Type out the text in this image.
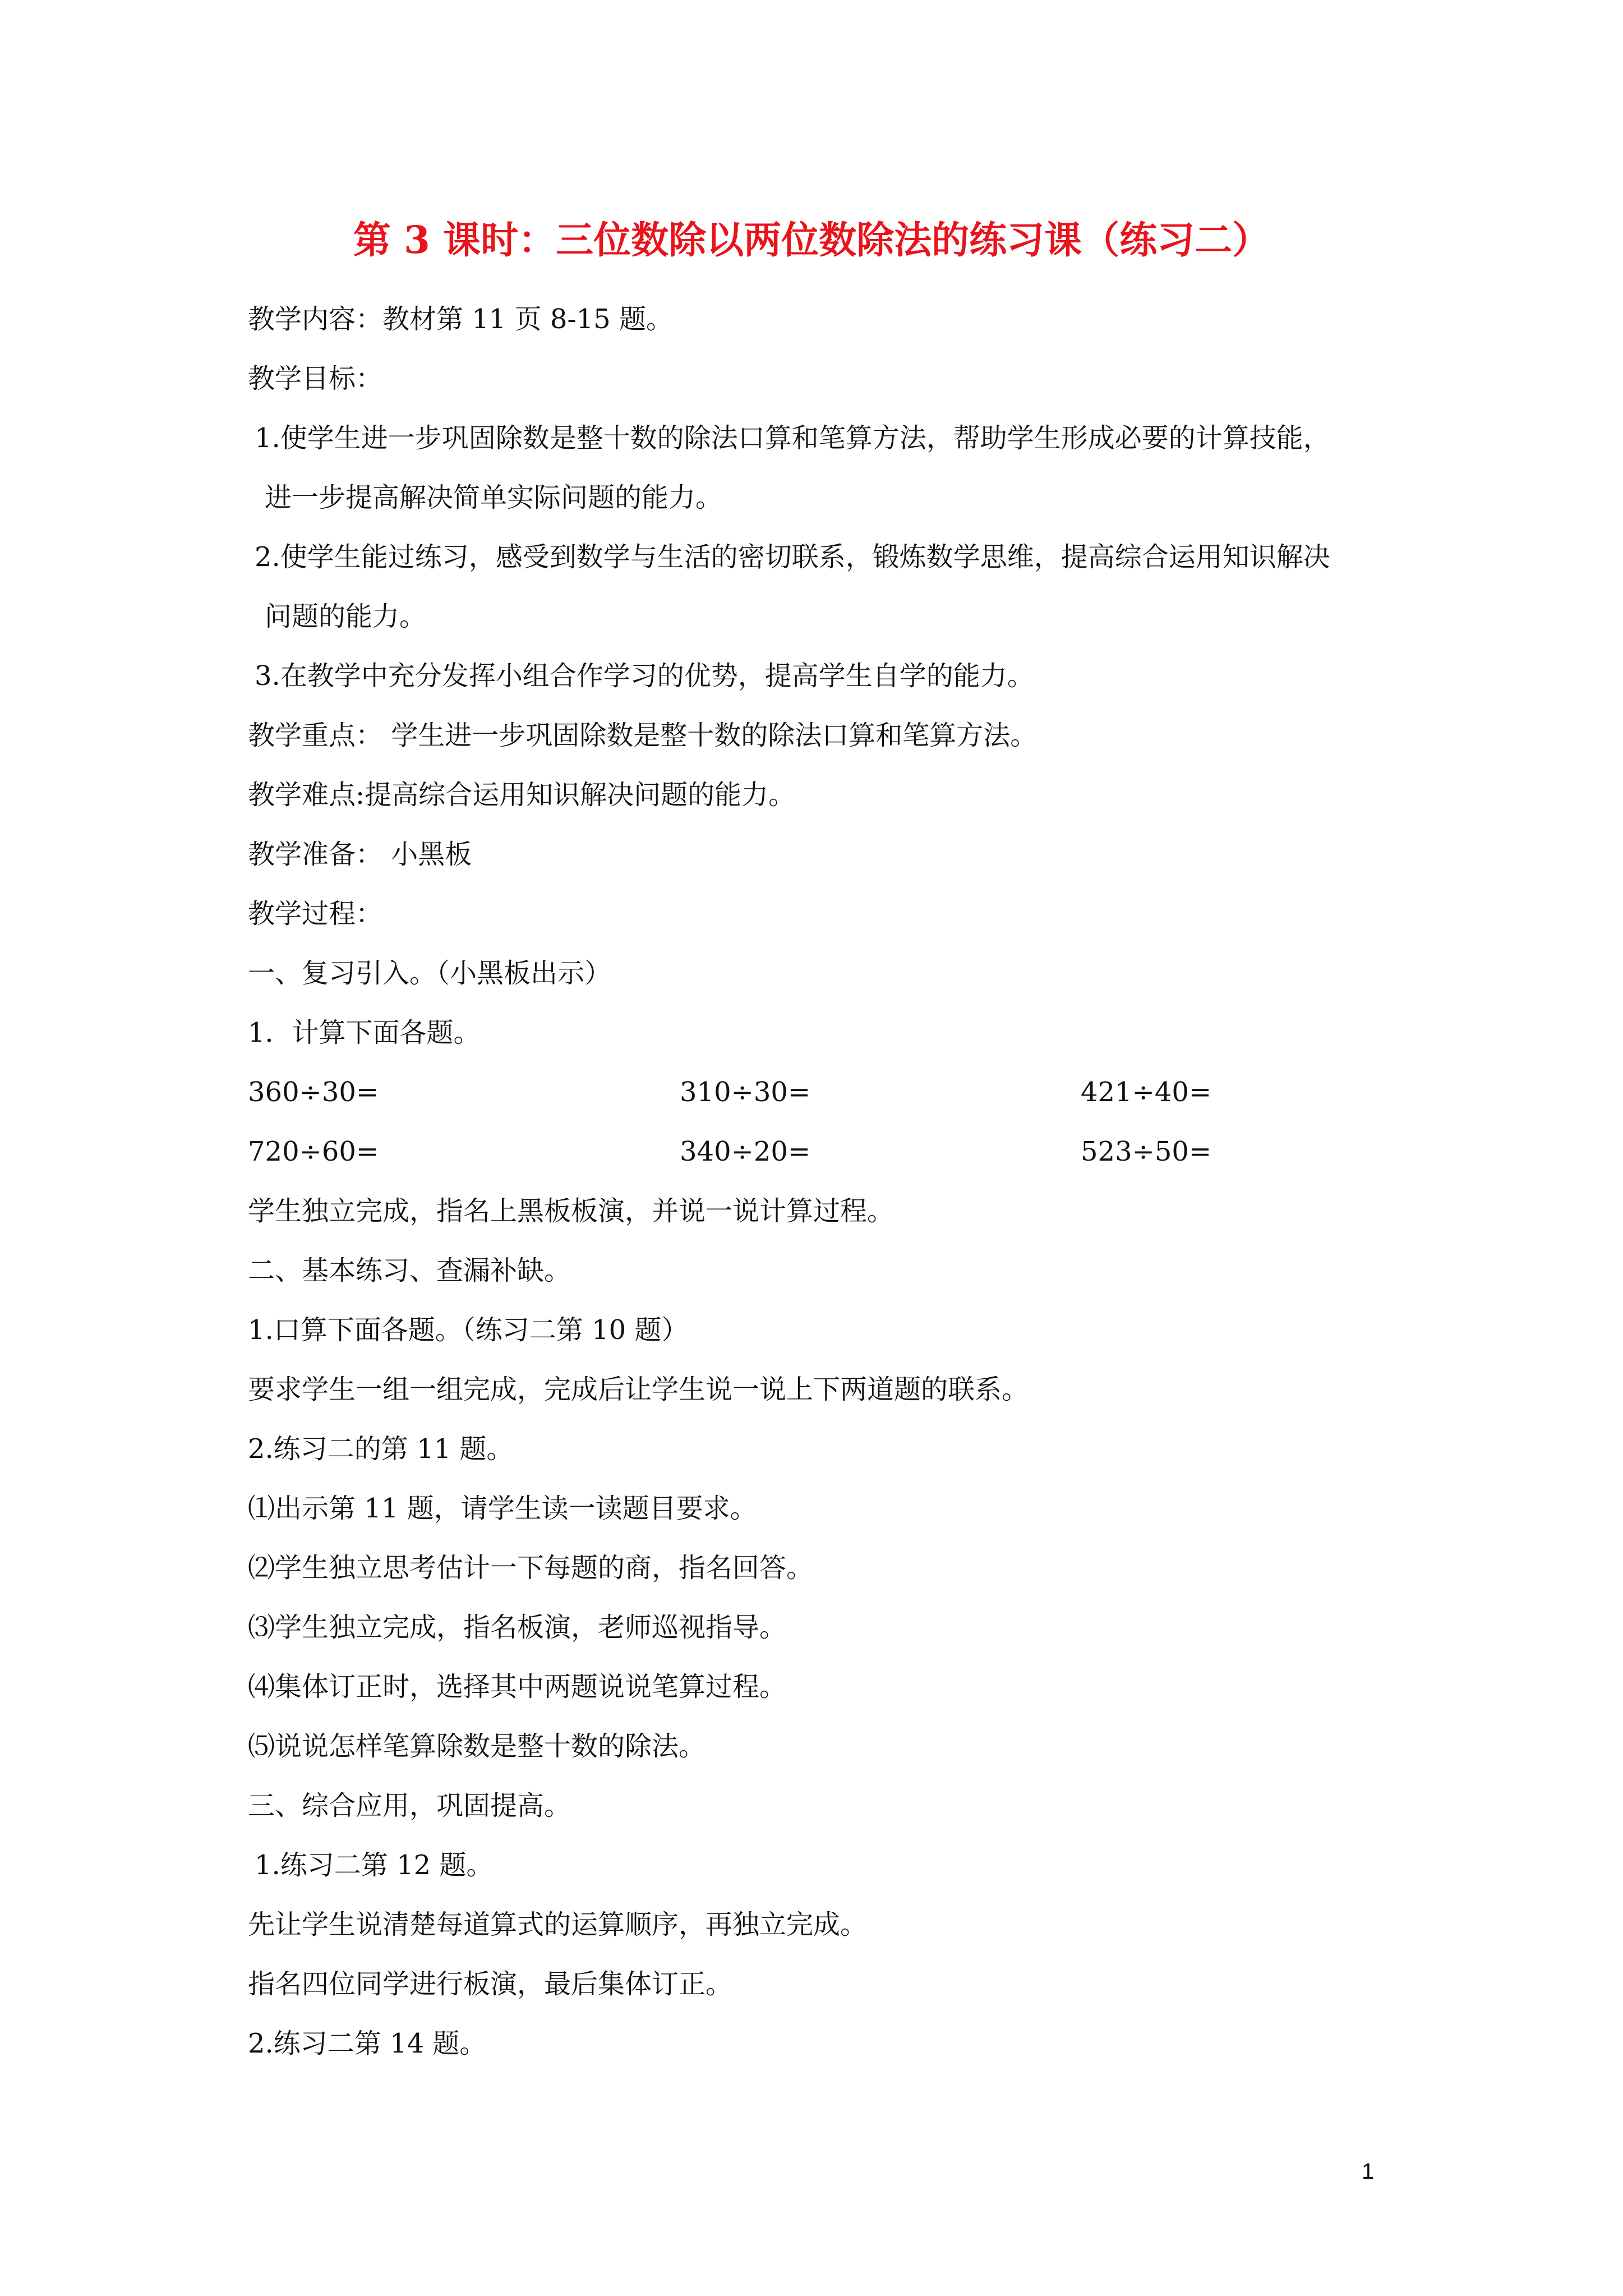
第 3 课时：三位数除以两位数除法的练习课（练习二）
教学内容：教材第 11 页 8-15 题。
教学目标：
1.使学生进一步巩固除数是整十数的除法口算和笔算方法，帮助学生形成必要的计算技能，
进一步提高解决简单实际问题的能力。
2.使学生能过练习，感受到数学与生活的密切联系，锻炼数学思维，提高综合运用知识解决
问题的能力。
3.在教学中充分发挥小组合作学习的优势，提高学生自学的能力。
教学重点： 学生进一步巩固除数是整十数的除法口算和笔算方法。
教学难点:提高综合运用知识解决问题的能力。
教学准备： 小黑板
教学过程：
一、复习引入。（小黑板出示）
1．计算下面各题。
360÷30=	310÷30=	421÷40=
720÷60=	340÷20=	523÷50=
学生独立完成，指名上黑板板演，并说一说计算过程。
二、基本练习、查漏补缺。
1.口算下面各题。（练习二第 10 题）
要求学生一组一组完成，完成后让学生说一说上下两道题的联系。
2.练习二的第 11 题。
⑴出示第 11 题，请学生读一读题目要求。
⑵学生独立思考估计一下每题的商，指名回答。
⑶学生独立完成，指名板演，老师巡视指导。
⑷集体订正时，选择其中两题说说笔算过程。
⑸说说怎样笔算除数是整十数的除法。
三、综合应用，巩固提高。
1.练习二第 12 题。
先让学生说清楚每道算式的运算顺序，再独立完成。
指名四位同学进行板演，最后集体订正。
2.练习二第 14 题。
1
